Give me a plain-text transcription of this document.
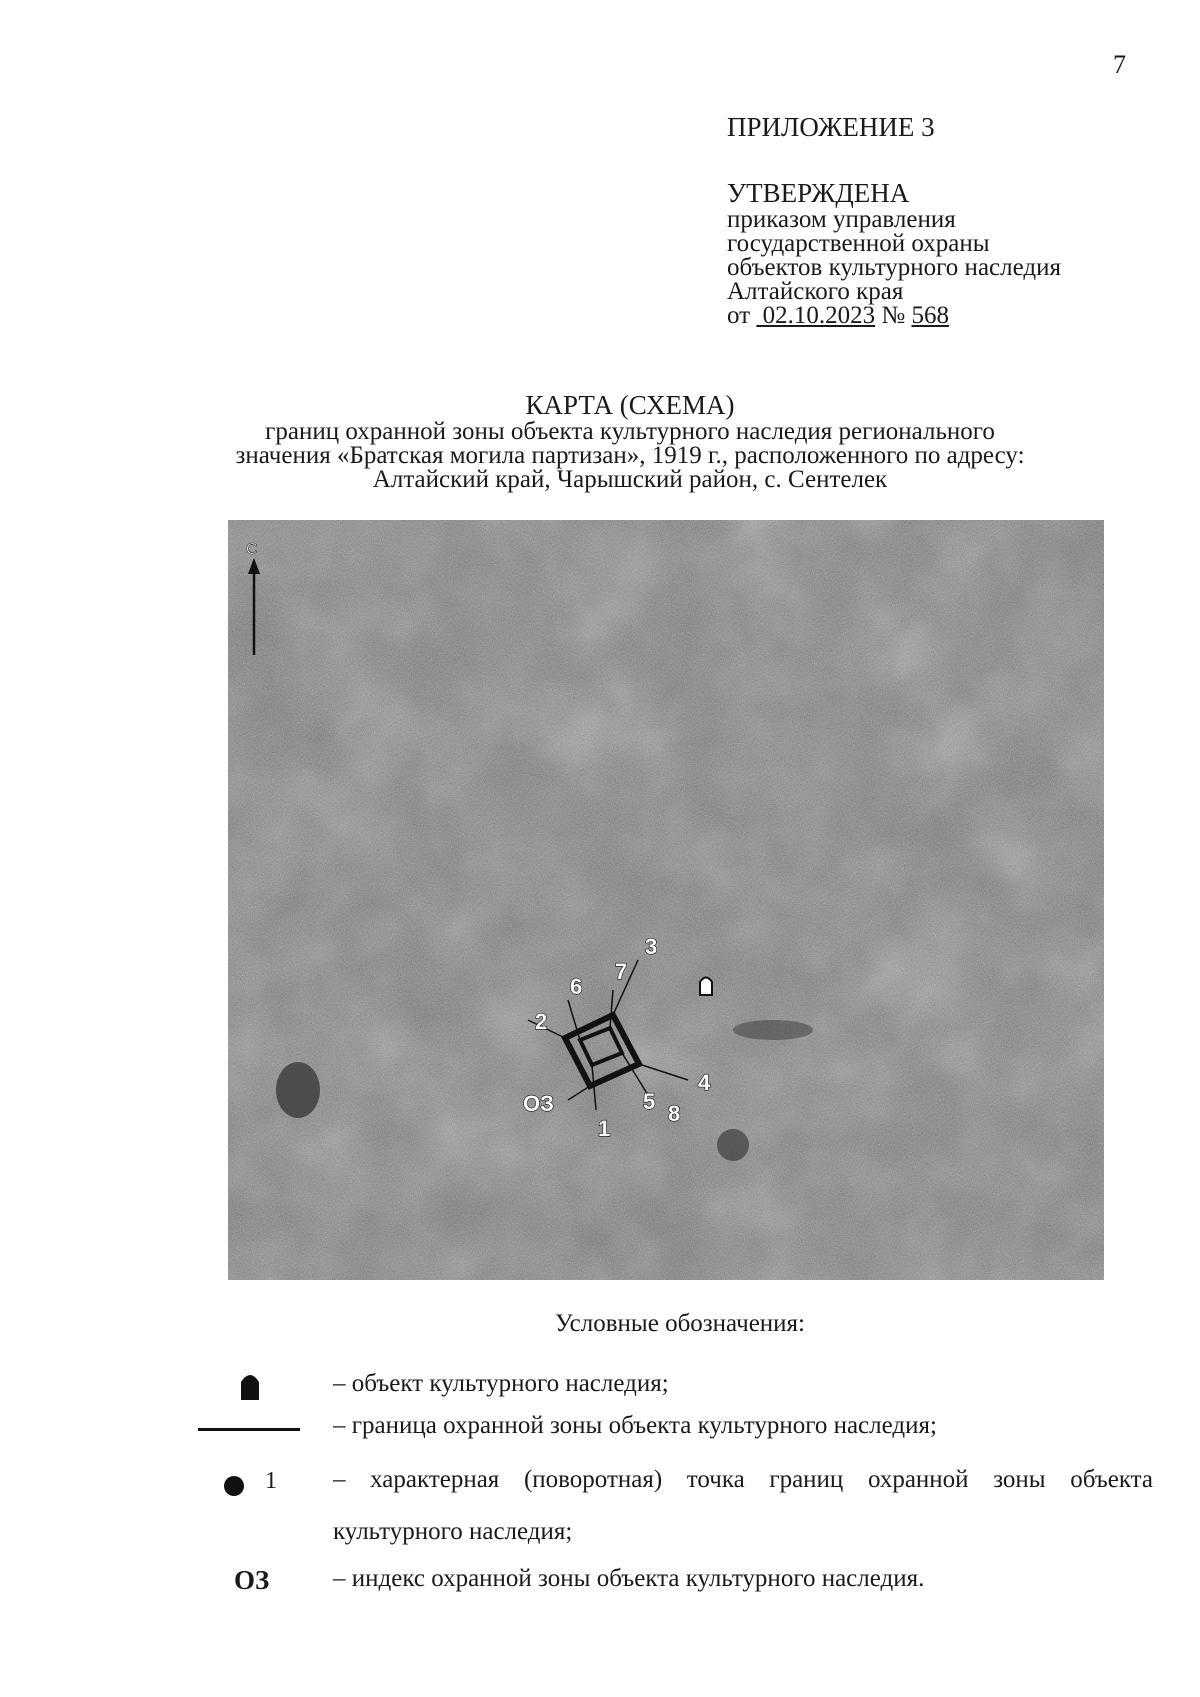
7
ПРИЛОЖЕНИЕ 3
УТВЕРЖДЕНА
приказом управления
государственной охраны
объектов культурного наследия
Алтайского края
от 02.10.2023 № 568
КАРТА (СХЕМА)
границ охранной зоны объекта культурного наследия регионального
значения «Братская могила партизан», 1919 г., расположенного по адресу:
Алтайский край, Чарышский район, с. Сентелек
С
ОЗ
1
2
3
4
5
6
7
8
Условные обозначения:
– объект культурного наследия;
– граница охранной зоны объекта культурного наследия;
1 – характерная (поворотная) точка границ охранной зоны объекта
культурного наследия;
ОЗ	– индекс охранной зоны объекта культурного наследия.
